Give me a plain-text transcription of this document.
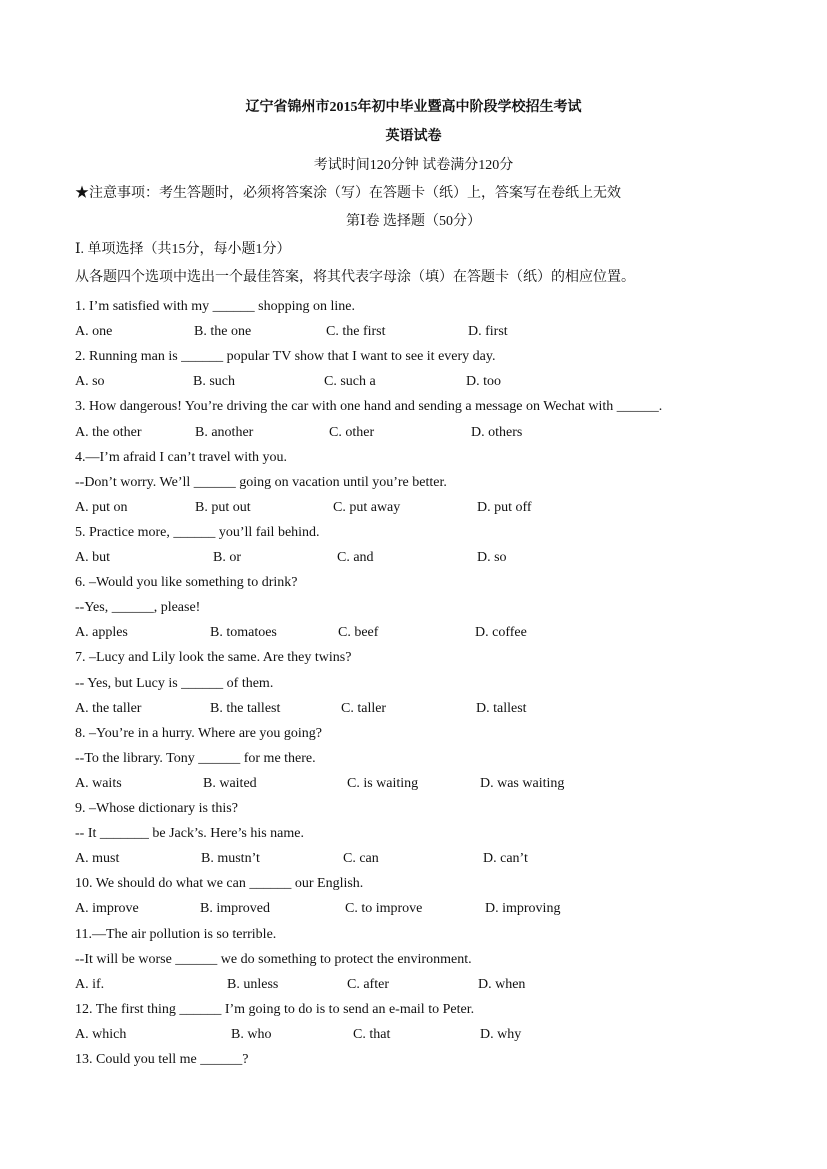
辽宁省锦州市2015年初中毕业暨高中阶段学校招生考试
英语试卷
考试时间120分钟 试卷满分120分
★注意事项：考生答题时，必须将答案涂（写）在答题卡（纸）上，答案写在卷纸上无效
第Ⅰ卷 选择题（50分）
Ⅰ. 单项选择（共15分，每小题1分）
从各题四个选项中选出一个最佳答案，将其代表字母涂（填）在答题卡（纸）的相应位置。
1. I’m satisfied with my ______ shopping on line.
A. one	B. the one	C. the first	D. first
2. Running man is ______ popular TV show that I want to see it every day.
A. so	B. such	C. such a	D. too
3. How dangerous! You’re driving the car with one hand and sending a message on Wechat with ______.
A. the other	B. another	C. other	D. others
4.—I’m afraid I can’t travel with you.
--Don’t worry. We’ll ______ going on vacation until you’re better.
A. put on	B. put out	C. put away	D. put off
5. Practice more, ______ you’ll fail behind.
A. but	B. or	C. and	D. so
6. –Would you like something to drink?
--Yes, ______, please!
A. apples	B. tomatoes	C. beef	D. coffee
7. –Lucy and Lily look the same. Are they twins?
-- Yes, but Lucy is ______ of them.
A. the taller	B. the tallest	C. taller	D. tallest
8. –You’re in a hurry. Where are you going?
--To the library. Tony ______ for me there.
A. waits	B. waited	C. is waiting	D. was waiting
9. –Whose dictionary is this?
-- It _______ be Jack’s. Here’s his name.
A. must	B. mustn’t	C. can	D. can’t
10. We should do what we can ______ our English.
A. improve	B. improved	C. to improve	D. improving
11.—The air pollution is so terrible.
--It will be worse ______ we do something to protect the environment.
A. if.	B. unless	C. after	D. when
12. The first thing ______ I’m going to do is to send an e-mail to Peter.
A. which	B. who	C. that	D. why
13. Could you tell me ______?
